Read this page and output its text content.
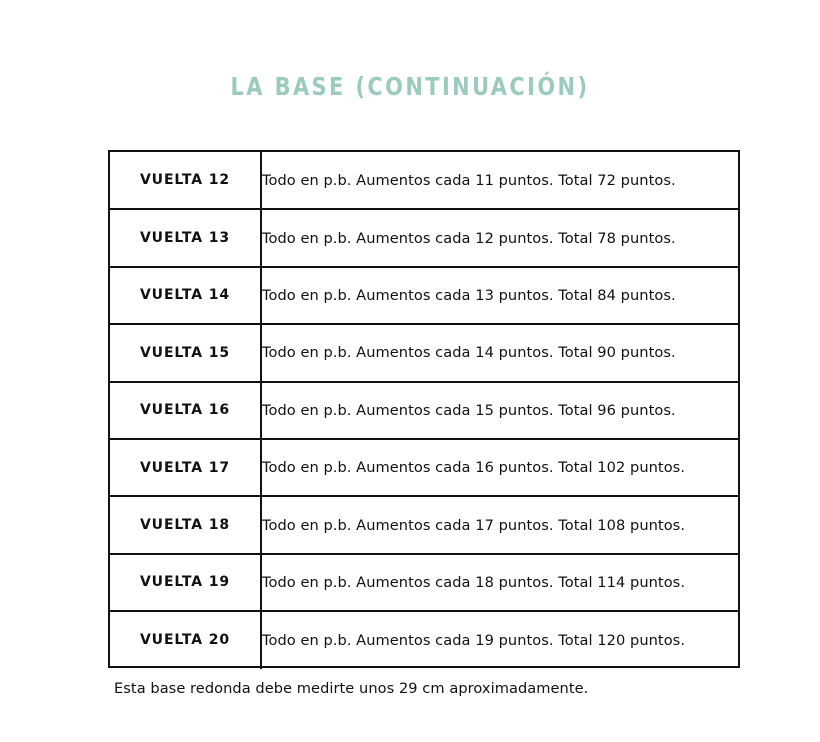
LA BASE (CONTINUACIÓN)
VUELTA 12	Todo en p.b. Aumentos cada 11 puntos. Total 72 puntos.
VUELTA 13	Todo en p.b. Aumentos cada 12 puntos. Total 78 puntos.
VUELTA 14	Todo en p.b. Aumentos cada 13 puntos. Total 84 puntos.
VUELTA 15	Todo en p.b. Aumentos cada 14 puntos. Total 90 puntos.
VUELTA 16	Todo en p.b. Aumentos cada 15 puntos. Total 96 puntos.
VUELTA 17	Todo en p.b. Aumentos cada 16 puntos. Total 102 puntos.
VUELTA 18	Todo en p.b. Aumentos cada 17 puntos. Total 108 puntos.
VUELTA 19	Todo en p.b. Aumentos cada 18 puntos. Total 114 puntos.
VUELTA 20	Todo en p.b. Aumentos cada 19 puntos. Total 120 puntos.
Esta base redonda debe medirte unos 29 cm aproximadamente.
